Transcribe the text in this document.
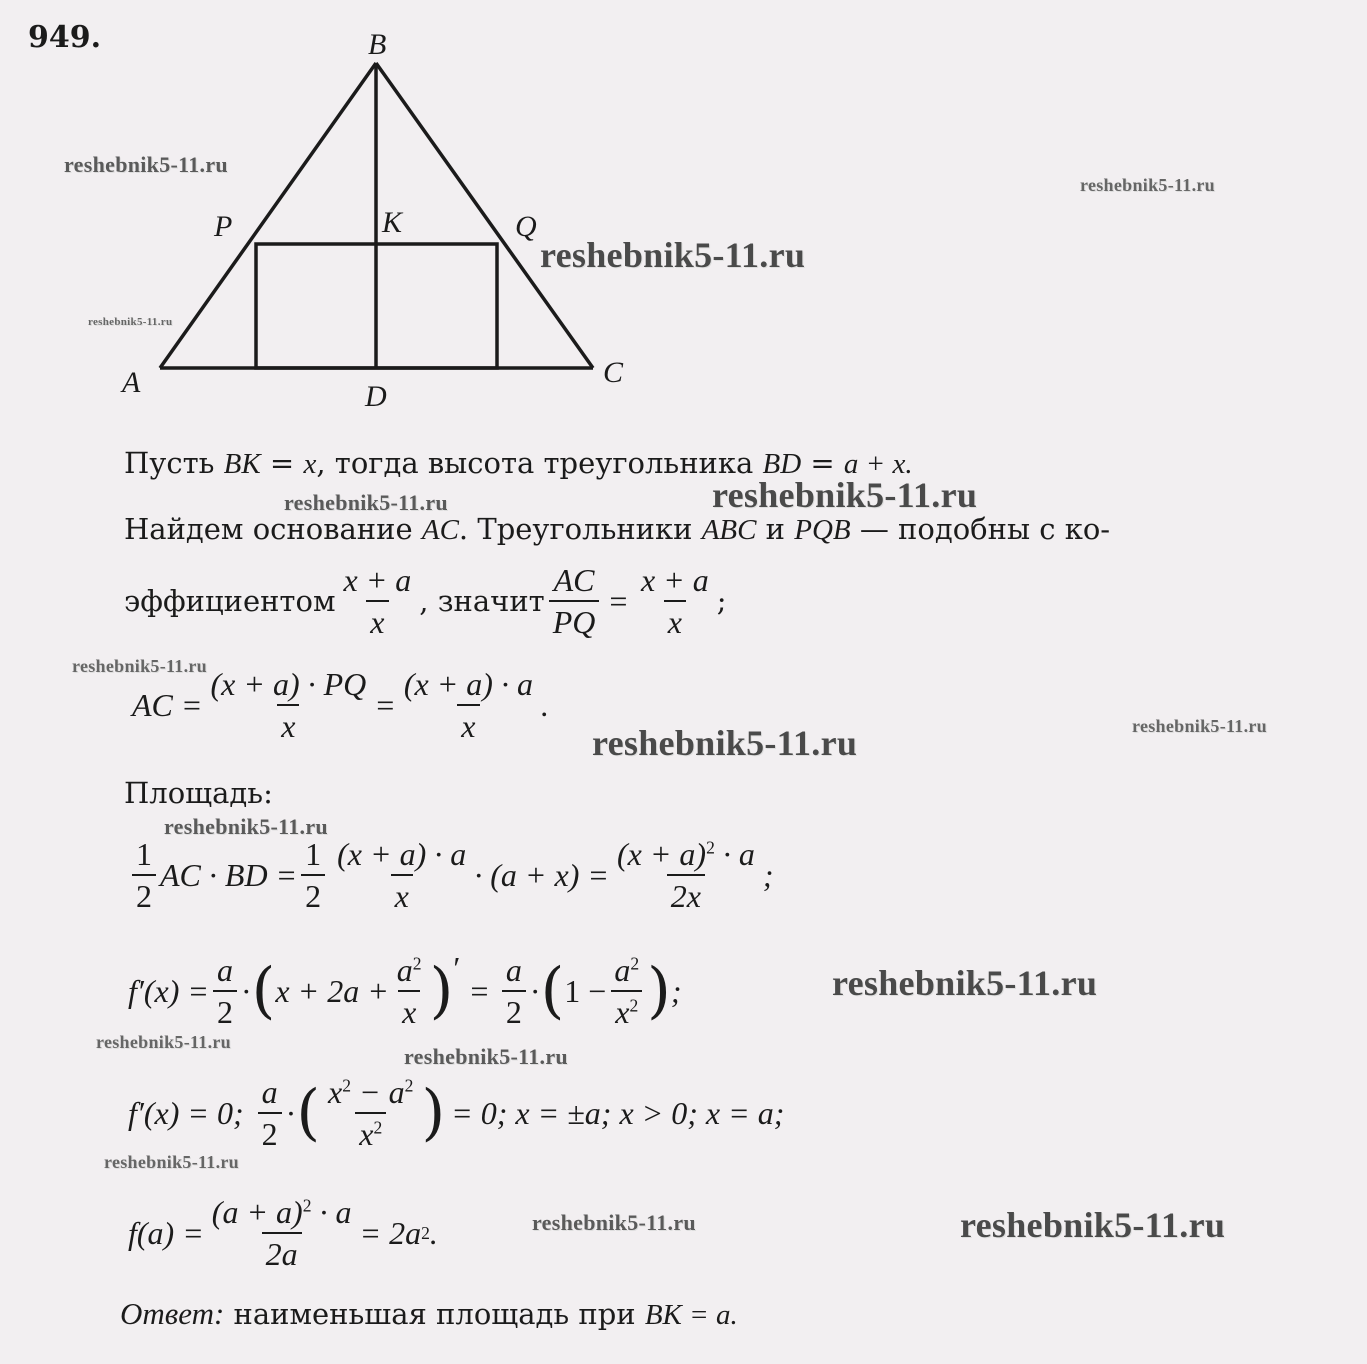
949.	B
P	K	Q
A	D
C
Пусть BK = x, тогда высота треугольника BD = a + x.
Найдем основание AC. Треугольники ABC и PQB — подобны с ко-
эффициентом $\frac{x + a}{x}$ , значит $\frac{AC}{PQ} = \frac{x + a}{x}$ ;
AC = $\frac{(x + a) \cdot PQ}{x} = \frac{(x + a) \cdot a}{x}$ .
Площадь:
$\frac{1}{2}$ AC · BD = $\frac{1}{2} \frac{(x + a) \cdot a}{x} \cdot (a + x) = \frac{(x + a)^2 \cdot a}{2x}$ ;
$f'(x) = \frac{a}{2}$ · ( $x + 2a + \frac{a^2}{x}$ ) ′
= $\frac{a}{2}$ · ( $1 - \frac{a^2}{x^2}$ ) ;
f′(x) = 0; $\frac{a}{2}$ · ( $\frac{x^2 - a^2}{x^2}$ ) = 0; x = ±a; x > 0; x = a;
$f(a) = \frac{(a + a)^2 \cdot a}{2a} = 2a$ 2 .
Ответ: наименьшая площадь при BK = a.
reshebnik5-11.ru
reshebnik5-11.ru
reshebnik5-11.ru
reshebnik5-11.ru
reshebnik5-11.ru	reshebnik5-11.ru
reshebnik5-11.ru
reshebnik5-11.ru
reshebnik5-11.ru
reshebnik5-11.ru
reshebnik5-11.ru
reshebnik5-11.ru
reshebnik5-11.ru
reshebnik5-11.ru
reshebnik5-11.ru	reshebnik5-11.ru
